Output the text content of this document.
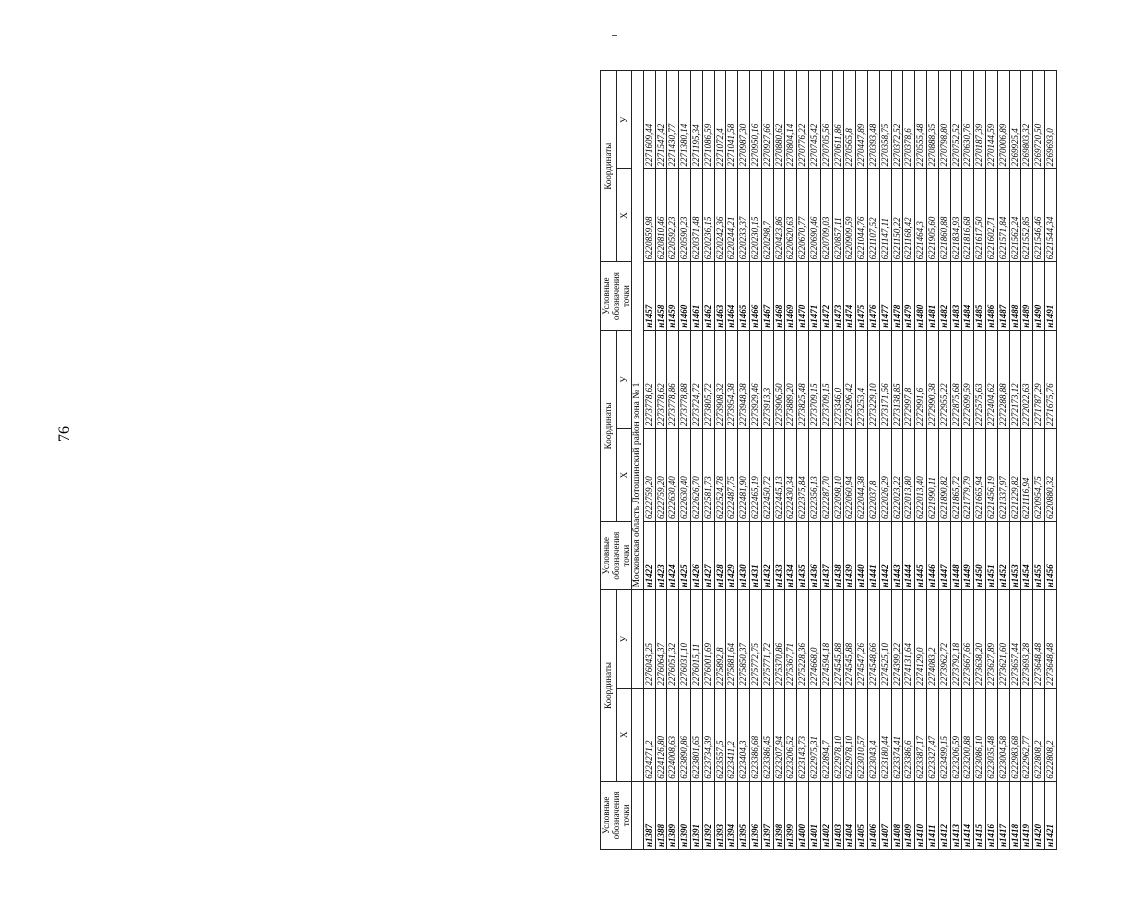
76
Условные обозначения точки	Координаты		Условные обозначения точки	Координаты		Условные обозначения точки	Координаты	
	X	У		X	У		X	У
			Московская область Лотошинский район зона № 1					
н1387	6224271,2	2276043,25	н1422	6222759,20	2273778,62	н1457	6220859,98	2271609,44
н1388	6224126,80	2276064,37	н1423	6222759,20	2273778,62	н1458	6220810,46	2271547,42
н1389	6224008,63	2276051,32	н1424	6222630,40	2273778,86	н1459	6220592,23	2271430,77
н1390	6223890,86	2276031,10	н1425	6222630,40	2273778,88	н1460	6220590,23	2271380,14
н1391	6223801,65	2276015,11	н1426	6222626,70	2273724,72	н1461	6220371,48	2271195,34
н1392	6223734,39	2276001,69	н1427	6222581,73	2273805,72	н1462	6220236,15	2271086,59
н1393	6223557,5	2275892,8	н1428	6222524,78	2273908,32	н1463	6220242,36	2271072,4
н1394	6223411,2	2275881,64	н1429	6222487,75	2273954,38	н1464	6220244,21	2271041,58
н1395	6223404,3	2275850,37	н1430	6222481,90	2273948,38	н1465	6220233,37	2270987,30
н1396	6223386,68	2275772,75	н1431	6222465,19	2273929,46	н1466	6220230,15	2270950,16
н1397	6223386,45	2275771,72	н1432	6222450,72	2273913,3	н1467	6220298,7	2270927,66
н1398	6223207,94	2275370,86	н1433	6222445,13	2273906,50	н1468	6220423,86	2270880,62
н1399	6223206,52	2275367,71	н1434	6222430,34	2273889,20	н1469	6220620,63	2270804,14
н1400	6223143,73	2275228,36	н1435	6222375,84	2273825,48	н1470	6220670,77	2270776,22
н1401	6222975,31	2274668,0	н1436	6222356,13	2273709,15	н1471	6220690,46	2270745,42
н1402	6222894,7	2274594,18	н1437	6222287,70	2273709,15	н1472	6220709,03	2270705,56
н1403	6222978,10	2274545,88	н1438	6222098,10	2273346,0	н1473	6220857,11	2270611,86
н1404	6222978,10	2274545,88	н1439	6222060,94	2273296,42	н1474	6220909,59	2270565,8
н1405	6223010,57	2274547,26	н1440	6222044,38	2273253,4	н1475	6221044,76	2270447,89
н1406	6223043,4	2274548,66	н1441	6222037,8	2273229,10	н1476	6221107,52	2270393,48
н1407	6223180,44	2274525,10	н1442	6222026,29	2273171,56	н1477	6221147,11	2270358,75
н1408	6223374,41	2274399,22	н1443	6222023,22	2273138,85	н1478	6221150,22	2270372,52
н1409	6223386,6	2274131,64	н1444	6222013,80	2272997,8	н1479	6221168,42	2270378,6
н1410	6223387,17	2274129,0	н1445	6222013,40	2272991,6	н1480	6221464,3	2270555,48
н1411	6223327,47	2274083,2	н1446	6221990,11	2272990,38	н1481	6221905,60	2270888,35
н1412	6223499,15	2273962,72	н1447	6221890,82	2272955,22	н1482	6221860,88	2270798,80
н1413	6223206,59	2273792,18	н1448	6221865,72	2272875,68	н1483	6221834,93	2270752,52
н1414	6223200,88	2273667,66	н1449	6221779,79	2272699,59	н1484	6221816,68	2270630,76
н1415	6223086,10	2273638,20	н1450	6221665,94	2272575,63	н1485	6221617,50	2270187,39
н1416	6223035,48	2273627,89	н1451	6221456,19	2272404,62	н1486	6221602,71	2270144,59
н1417	6223004,58	2273621,60	н1452	6221337,97	2272288,88	н1487	6221571,84	2270006,89
н1418	6222983,68	2273657,44	н1453	6221229,82	2272173,12	н1488	6221562,24	2269925,4
н1419	6222962,77	2273693,28	н1454	6221116,94	2272022,63	н1489	6221552,85	2269803,32
н1420	6222808,2	2273648,48	н1455	6220954,75	2271787,29	н1490	6221546,46	2269720,50
н1421	6222808,2	2273648,48	н1456	6220880,32	2271675,76	н1491	6221544,34	2269693,0
